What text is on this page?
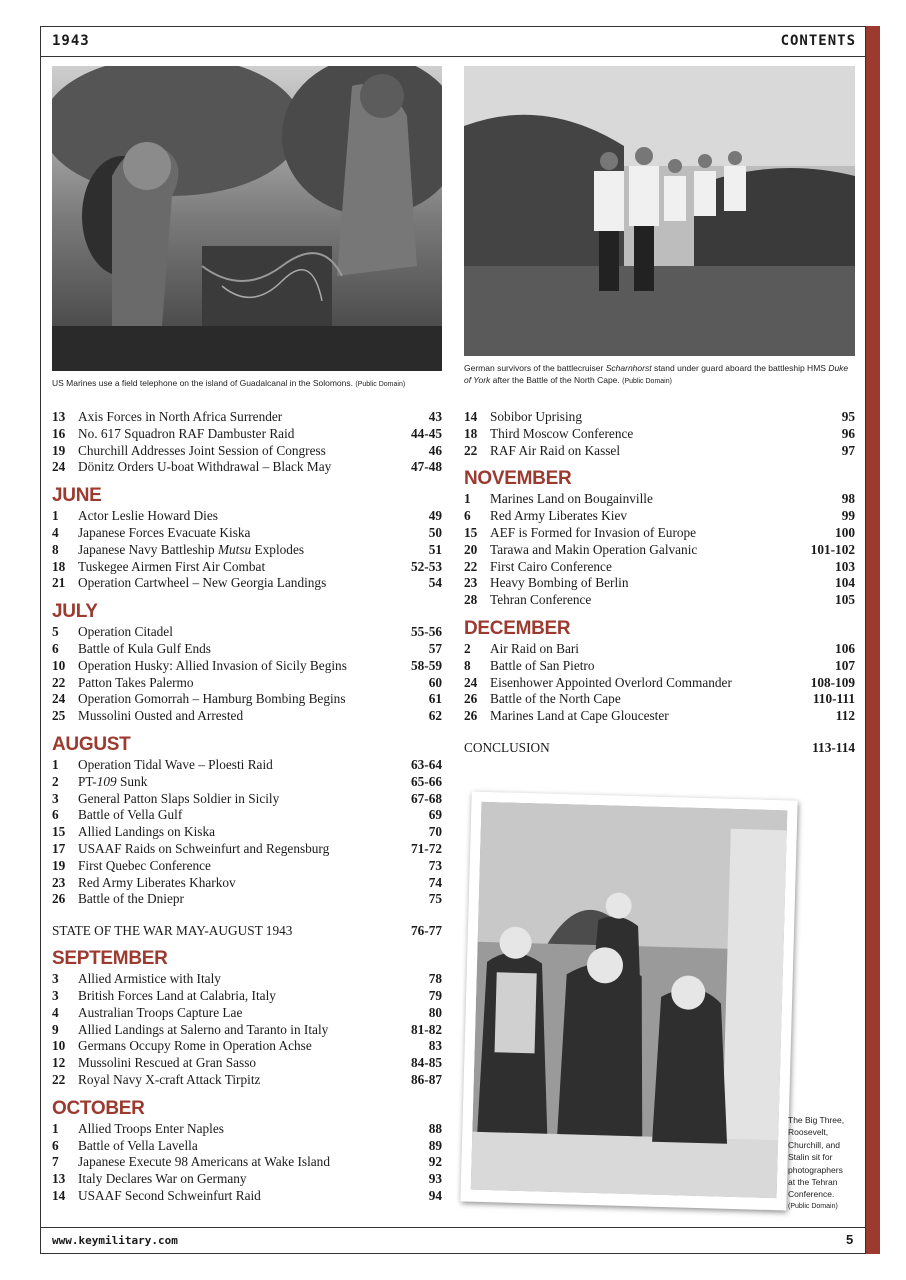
1943	CONTENTS
US Marines use a field telephone on the island of Guadalcanal in the Solomons. (Public Domain)
German survivors of the battlecruiser Scharnhorst stand under guard aboard the battleship HMS Duke of York after the Battle of the North Cape. (Public Domain)
13 Axis Forces in North Africa Surrender	43
16 No. 617 Squadron RAF Dambuster Raid	44-45
19 Churchill Addresses Joint Session of Congress	46
24 Dönitz Orders U-boat Withdrawal – Black May	47-48
JUNE
1	Actor Leslie Howard Dies	49
4	Japanese Forces Evacuate Kiska	50
8	Japanese Navy Battleship Mutsu Explodes	51
18 Tuskegee Airmen First Air Combat	52-53
21 Operation Cartwheel – New Georgia Landings	54
JULY
5	Operation Citadel	55-56
6	Battle of Kula Gulf Ends	57
10 Operation Husky: Allied Invasion of Sicily Begins	58-59
22 Patton Takes Palermo	60
24 Operation Gomorrah – Hamburg Bombing Begins	61
25 Mussolini Ousted and Arrested	62
AUGUST
1	Operation Tidal Wave – Ploesti Raid	63-64
2	PT-109 Sunk	65-66
3	General Patton Slaps Soldier in Sicily	67-68
6	Battle of Vella Gulf	69
15 Allied Landings on Kiska	70
17 USAAF Raids on Schweinfurt and Regensburg	71-72
19 First Quebec Conference	73
23 Red Army Liberates Kharkov	74
26 Battle of the Dniepr	75
STATE OF THE WAR MAY-AUGUST 1943	76-77
SEPTEMBER
3	Allied Armistice with Italy	78
3	British Forces Land at Calabria, Italy	79
4	Australian Troops Capture Lae	80
9	Allied Landings at Salerno and Taranto in Italy	81-82
10 Germans Occupy Rome in Operation Achse	83
12 Mussolini Rescued at Gran Sasso	84-85
22 Royal Navy X-craft Attack Tirpitz	86-87
OCTOBER
1	Allied Troops Enter Naples	88
6	Battle of Vella Lavella	89
7	Japanese Execute 98 Americans at Wake Island	92
13 Italy Declares War on Germany	93
14 USAAF Second Schweinfurt Raid	94
14 Sobibor Uprising	95
18 Third Moscow Conference	96
22 RAF Air Raid on Kassel	97
NOVEMBER
1	Marines Land on Bougainville	98
6	Red Army Liberates Kiev	99
15 AEF is Formed for Invasion of Europe	100
20 Tarawa and Makin Operation Galvanic	101-102
22 First Cairo Conference	103
23 Heavy Bombing of Berlin	104
28 Tehran Conference	105
DECEMBER
2	Air Raid on Bari	106
8	Battle of San Pietro	107
24 Eisenhower Appointed Overlord Commander	108-109
26 Battle of the North Cape	110-111
26 Marines Land at Cape Gloucester	112
CONCLUSION	113-114
The Big Three,
Roosevelt,
Churchill, and
Stalin sit for
photographers
at the Tehran
Conference.
(Public Domain)
www.keymilitary.com	5
